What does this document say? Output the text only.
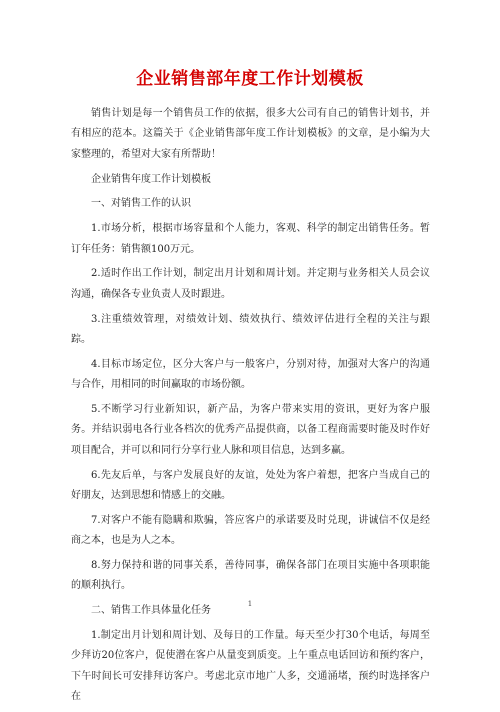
企业销售部年度工作计划模板

销售计划是每一个销售员工作的依据，很多大公司有自己的销售计划书，并有相应的范本。这篇关于《企业销售部年度工作计划模板》的文章，是小编为大家整理的，希望对大家有所帮助！

企业销售年度工作计划模板

一、对销售工作的认识

1.市场分析，根据市场容量和个人能力，客观、科学的制定出销售任务。暂订年任务：销售额100万元。

2.适时作出工作计划，制定出月计划和周计划。并定期与业务相关人员会议沟通，确保各专业负责人及时跟进。

3.注重绩效管理，对绩效计划、绩效执行、绩效评估进行全程的关注与跟踪。

4.目标市场定位，区分大客户与一般客户，分别对待，加强对大客户的沟通与合作，用相同的时间赢取的市场份额。

5.不断学习行业新知识，新产品，为客户带来实用的资讯，更好为客户服务。并结识弱电各行业各档次的优秀产品提供商，以备工程商需要时能及时作好项目配合，并可以和同行分享行业人脉和项目信息，达到多赢。

6.先友后单，与客户发展良好的友谊，处处为客户着想，把客户当成自己的好朋友，达到思想和情感上的交融。

7.对客户不能有隐瞒和欺骗，答应客户的承诺要及时兑现，讲诚信不仅是经商之本，也是为人之本。

8.努力保持和谐的同事关系，善待同事，确保各部门在项目实施中各项职能的顺利执行。

二、销售工作具体量化任务

1.制定出月计划和周计划、及每日的工作量。每天至少打30个电话，每周至少拜访20位客户，促使潜在客户从量变到质变。上午重点电话回访和预约客户，下午时间长可安排拜访客户。考虑北京市地广人多，交通涌堵，预约时选择客户在

1
